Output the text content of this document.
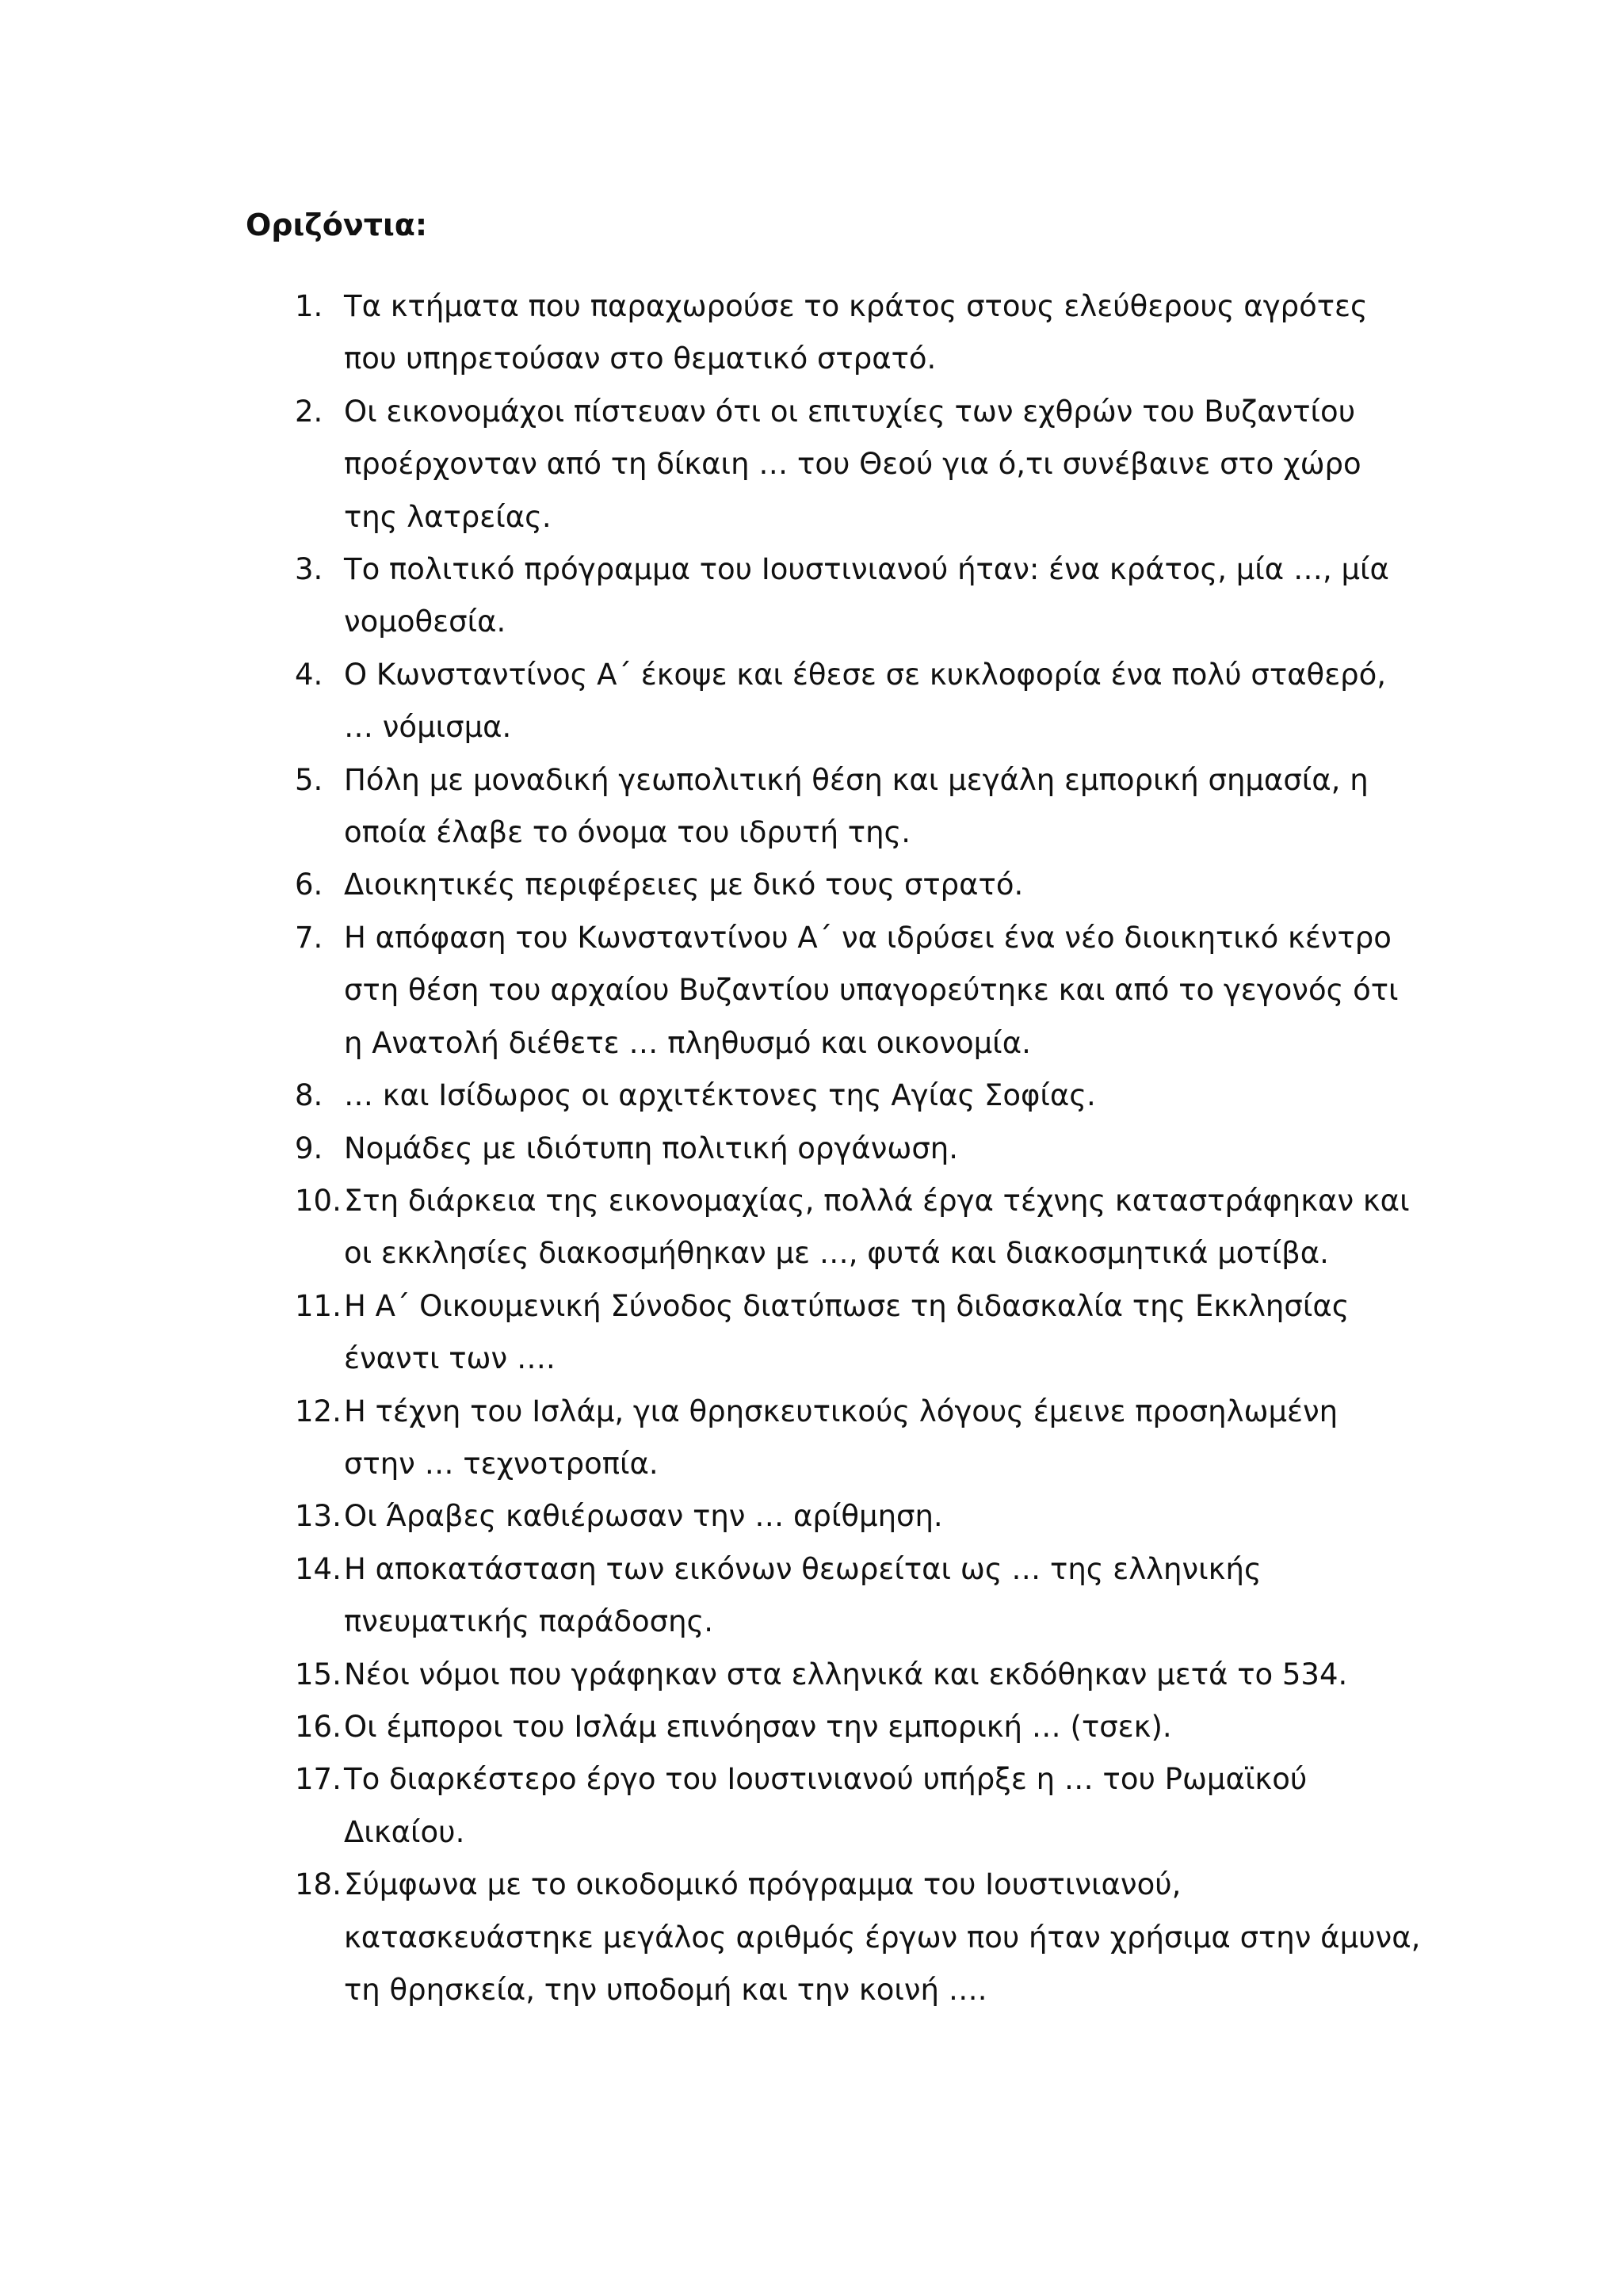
Οριζόντια:
1. Τα κτήματα που παραχωρούσε το κράτος στους ελεύθερους αγρότες
που υπηρετούσαν στο θεματικό στρατό.
2. Οι εικονομάχοι πίστευαν ότι οι επιτυχίες των εχθρών του Βυζαντίου
προέρχονταν από τη δίκαιη … του Θεού για ό,τι συνέβαινε στο χώρο
της λατρείας.
3. Το πολιτικό πρόγραμμα του Ιουστινιανού ήταν: ένα κράτος, μία …, μία
νομοθεσία.
4. Ο Κωνσταντίνος Α΄ έκοψε και έθεσε σε κυκλοφορία ένα πολύ σταθερό,
… νόμισμα.
5. Πόλη με μοναδική γεωπολιτική θέση και μεγάλη εμπορική σημασία, η
οποία έλαβε το όνομα του ιδρυτή της.
6. Διοικητικές περιφέρειες με δικό τους στρατό.
7. Η απόφαση του Κωνσταντίνου Α΄ να ιδρύσει ένα νέο διοικητικό κέντρο
στη θέση του αρχαίου Βυζαντίου υπαγορεύτηκε και από το γεγονός ότι
η Ανατολή διέθετε … πληθυσμό και οικονομία.
8. … και Ισίδωρος οι αρχιτέκτονες της Αγίας Σοφίας.
9. Νομάδες με ιδιότυπη πολιτική οργάνωση.
10. Στη διάρκεια της εικονομαχίας, πολλά έργα τέχνης καταστράφηκαν και
οι εκκλησίες διακοσμήθηκαν με …, φυτά και διακοσμητικά μοτίβα.
11. Η Α΄ Οικουμενική Σύνοδος διατύπωσε τη διδασκαλία της Εκκλησίας
έναντι των ….
12. Η τέχνη του Ισλάμ, για θρησκευτικούς λόγους έμεινε προσηλωμένη
στην … τεχνοτροπία.
13. Οι Άραβες καθιέρωσαν την … αρίθμηση.
14. Η αποκατάσταση των εικόνων θεωρείται ως … της ελληνικής
πνευματικής παράδοσης.
15. Νέοι νόμοι που γράφηκαν στα ελληνικά και εκδόθηκαν μετά το 534.
16. Οι έμποροι του Ισλάμ επινόησαν την εμπορική … (τσεκ).
17. Το διαρκέστερο έργο του Ιουστινιανού υπήρξε η … του Ρωμαϊκού
Δικαίου.
18. Σύμφωνα με το οικοδομικό πρόγραμμα του Ιουστινιανού,
κατασκευάστηκε μεγάλος αριθμός έργων που ήταν χρήσιμα στην άμυνα,
τη θρησκεία, την υποδομή και την κοινή ….
